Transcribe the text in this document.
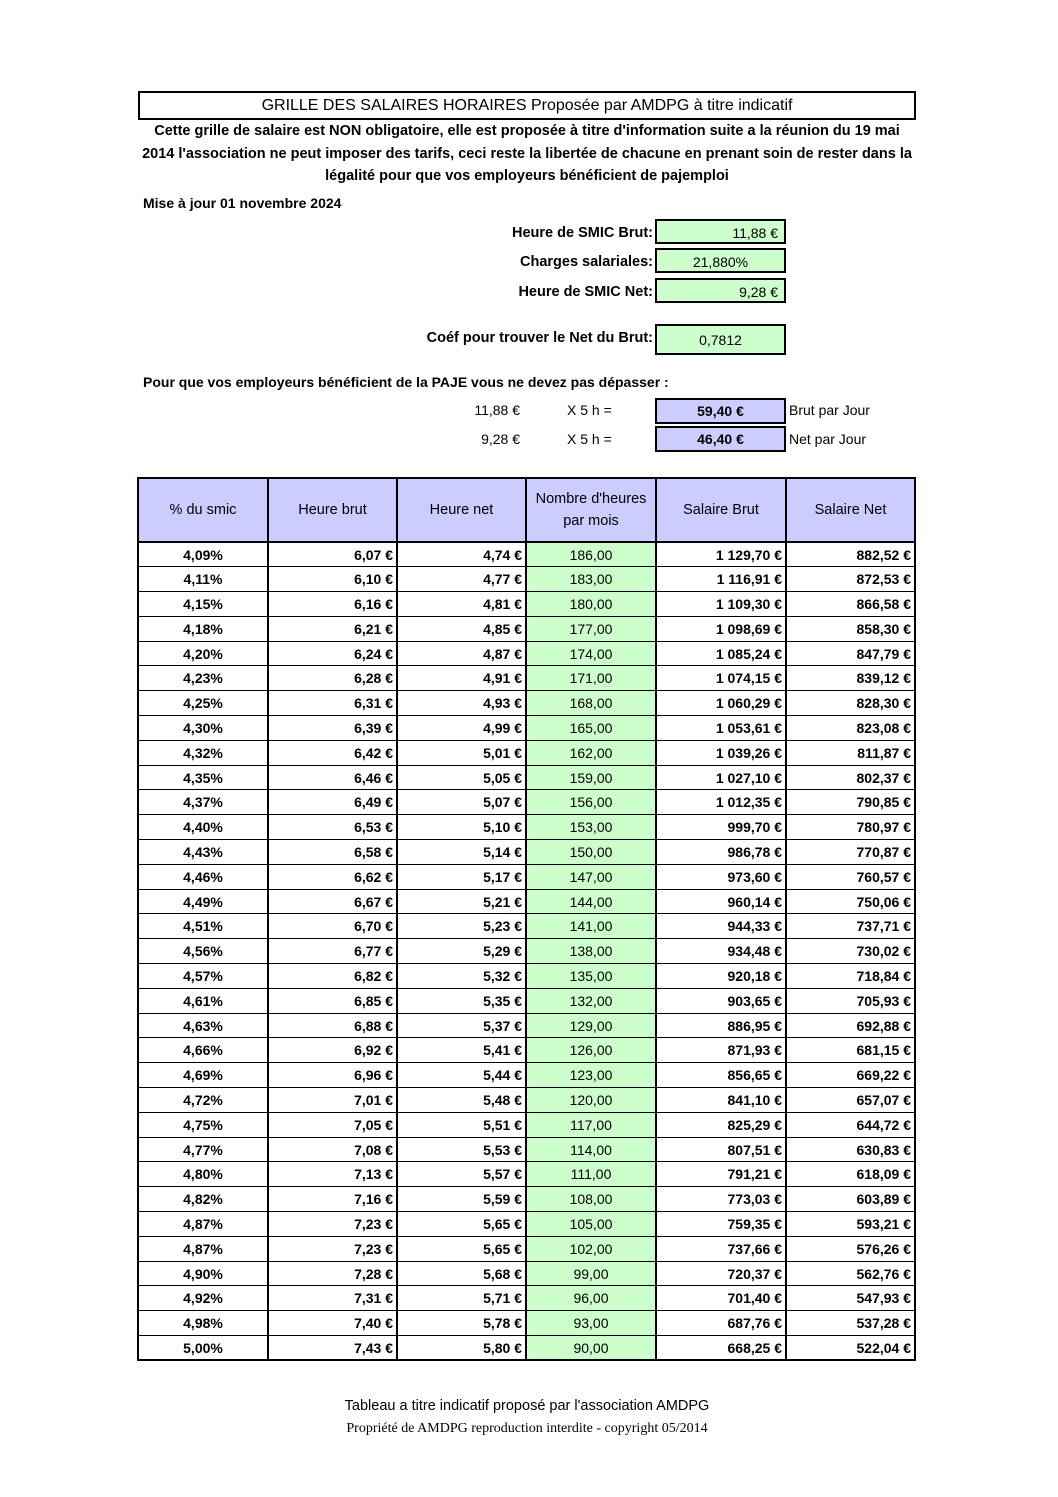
GRILLE DES SALAIRES HORAIRES Proposée par AMDPG à titre indicatif
Cette grille de salaire est NON obligatoire, elle est proposée à titre d'information suite a la réunion du 19 mai 2014 l'association ne peut imposer des tarifs, ceci reste la libertée de chacune en prenant soin de rester dans la légalité pour que vos employeurs bénéficient de pajemploi
Mise à jour 01 novembre 2024
Heure de SMIC Brut:	11,88 €
Charges salariales:	21,880%
Heure de SMIC Net:	9,28 €
Coéf pour trouver le Net du Brut:	0,7812
Pour que vos employeurs bénéficient de la PAJE vous ne devez pas dépasser :
11,88 €	X 5 h =	59,40 €	Brut par Jour
9,28 €	X 5 h =	46,40 €	Net par Jour
% du smic	Heure brut	Heure net	Nombre d'heures par mois	Salaire Brut	Salaire Net
4,09%	6,07 €	4,74 €	186,00	1 129,70 €	882,52 €
4,11%	6,10 €	4,77 €	183,00	1 116,91 €	872,53 €
4,15%	6,16 €	4,81 €	180,00	1 109,30 €	866,58 €
4,18%	6,21 €	4,85 €	177,00	1 098,69 €	858,30 €
4,20%	6,24 €	4,87 €	174,00	1 085,24 €	847,79 €
4,23%	6,28 €	4,91 €	171,00	1 074,15 €	839,12 €
4,25%	6,31 €	4,93 €	168,00	1 060,29 €	828,30 €
4,30%	6,39 €	4,99 €	165,00	1 053,61 €	823,08 €
4,32%	6,42 €	5,01 €	162,00	1 039,26 €	811,87 €
4,35%	6,46 €	5,05 €	159,00	1 027,10 €	802,37 €
4,37%	6,49 €	5,07 €	156,00	1 012,35 €	790,85 €
4,40%	6,53 €	5,10 €	153,00	999,70 €	780,97 €
4,43%	6,58 €	5,14 €	150,00	986,78 €	770,87 €
4,46%	6,62 €	5,17 €	147,00	973,60 €	760,57 €
4,49%	6,67 €	5,21 €	144,00	960,14 €	750,06 €
4,51%	6,70 €	5,23 €	141,00	944,33 €	737,71 €
4,56%	6,77 €	5,29 €	138,00	934,48 €	730,02 €
4,57%	6,82 €	5,32 €	135,00	920,18 €	718,84 €
4,61%	6,85 €	5,35 €	132,00	903,65 €	705,93 €
4,63%	6,88 €	5,37 €	129,00	886,95 €	692,88 €
4,66%	6,92 €	5,41 €	126,00	871,93 €	681,15 €
4,69%	6,96 €	5,44 €	123,00	856,65 €	669,22 €
4,72%	7,01 €	5,48 €	120,00	841,10 €	657,07 €
4,75%	7,05 €	5,51 €	117,00	825,29 €	644,72 €
4,77%	7,08 €	5,53 €	114,00	807,51 €	630,83 €
4,80%	7,13 €	5,57 €	111,00	791,21 €	618,09 €
4,82%	7,16 €	5,59 €	108,00	773,03 €	603,89 €
4,87%	7,23 €	5,65 €	105,00	759,35 €	593,21 €
4,87%	7,23 €	5,65 €	102,00	737,66 €	576,26 €
4,90%	7,28 €	5,68 €	99,00	720,37 €	562,76 €
4,92%	7,31 €	5,71 €	96,00	701,40 €	547,93 €
4,98%	7,40 €	5,78 €	93,00	687,76 €	537,28 €
5,00%	7,43 €	5,80 €	90,00	668,25 €	522,04 €
Tableau a titre indicatif proposé par l'association AMDPG
Propriété de AMDPG reproduction interdite - copyright 05/2014
